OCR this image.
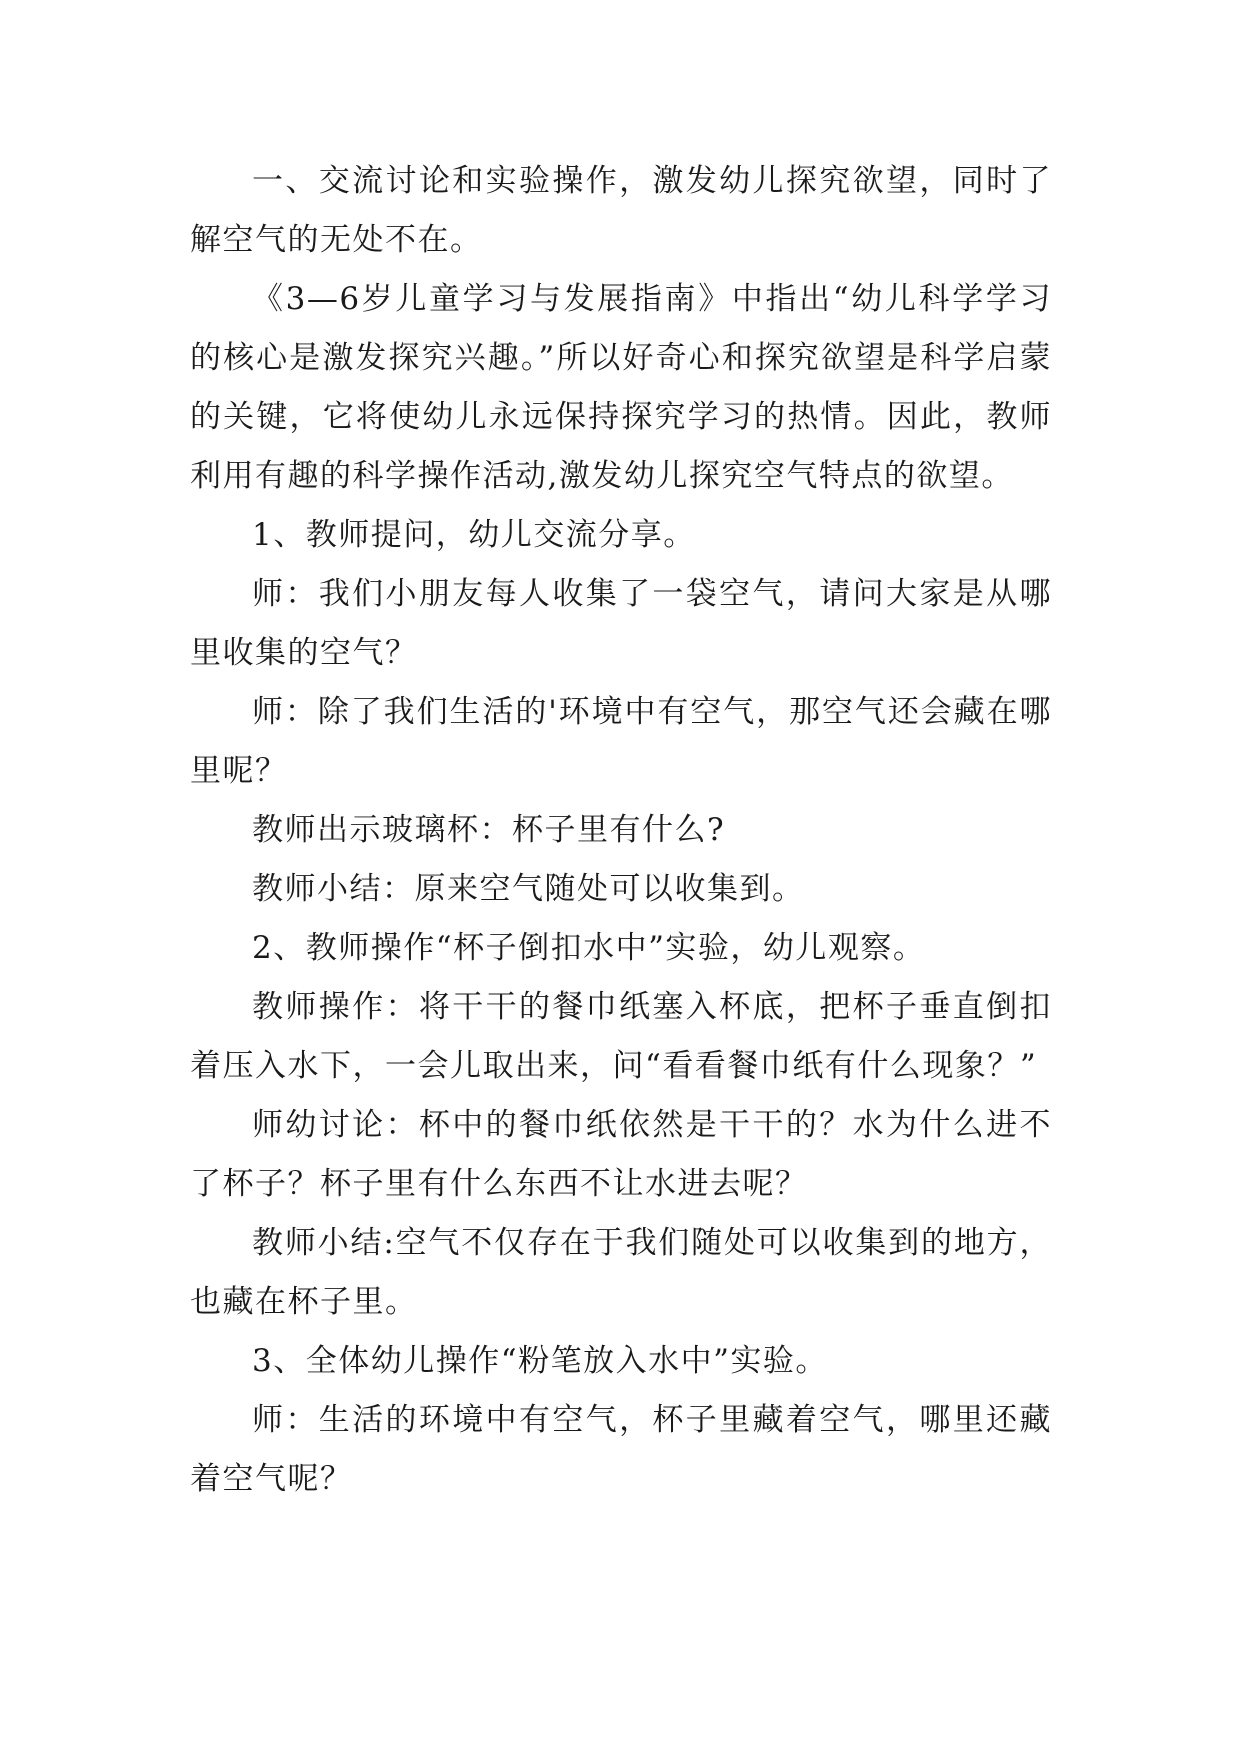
一、交流讨论和实验操作，激发幼儿探究欲望，同时了解空气的无处不在。

《3—6岁儿童学习与发展指南》中指出“幼儿科学学习的核心是激发探究兴趣。”所以好奇心和探究欲望是科学启蒙的关键，它将使幼儿永远保持探究学习的热情。因此，教师利用有趣的科学操作活动,激发幼儿探究空气特点的欲望。

1、教师提问，幼儿交流分享。

师：我们小朋友每人收集了一袋空气，请问大家是从哪里收集的空气？

师：除了我们生活的'环境中有空气，那空气还会藏在哪里呢？

教师出示玻璃杯：杯子里有什么?

教师小结：原来空气随处可以收集到。

2、教师操作“杯子倒扣水中”实验，幼儿观察。

教师操作：将干干的餐巾纸塞入杯底，把杯子垂直倒扣着压入水下，一会儿取出来，问“看看餐巾纸有什么现象？”

师幼讨论：杯中的餐巾纸依然是干干的？水为什么进不了杯子？杯子里有什么东西不让水进去呢？

教师小结:空气不仅存在于我们随处可以收集到的地方，也藏在杯子里。

3、全体幼儿操作“粉笔放入水中”实验。

师：生活的环境中有空气，杯子里藏着空气，哪里还藏着空气呢？
